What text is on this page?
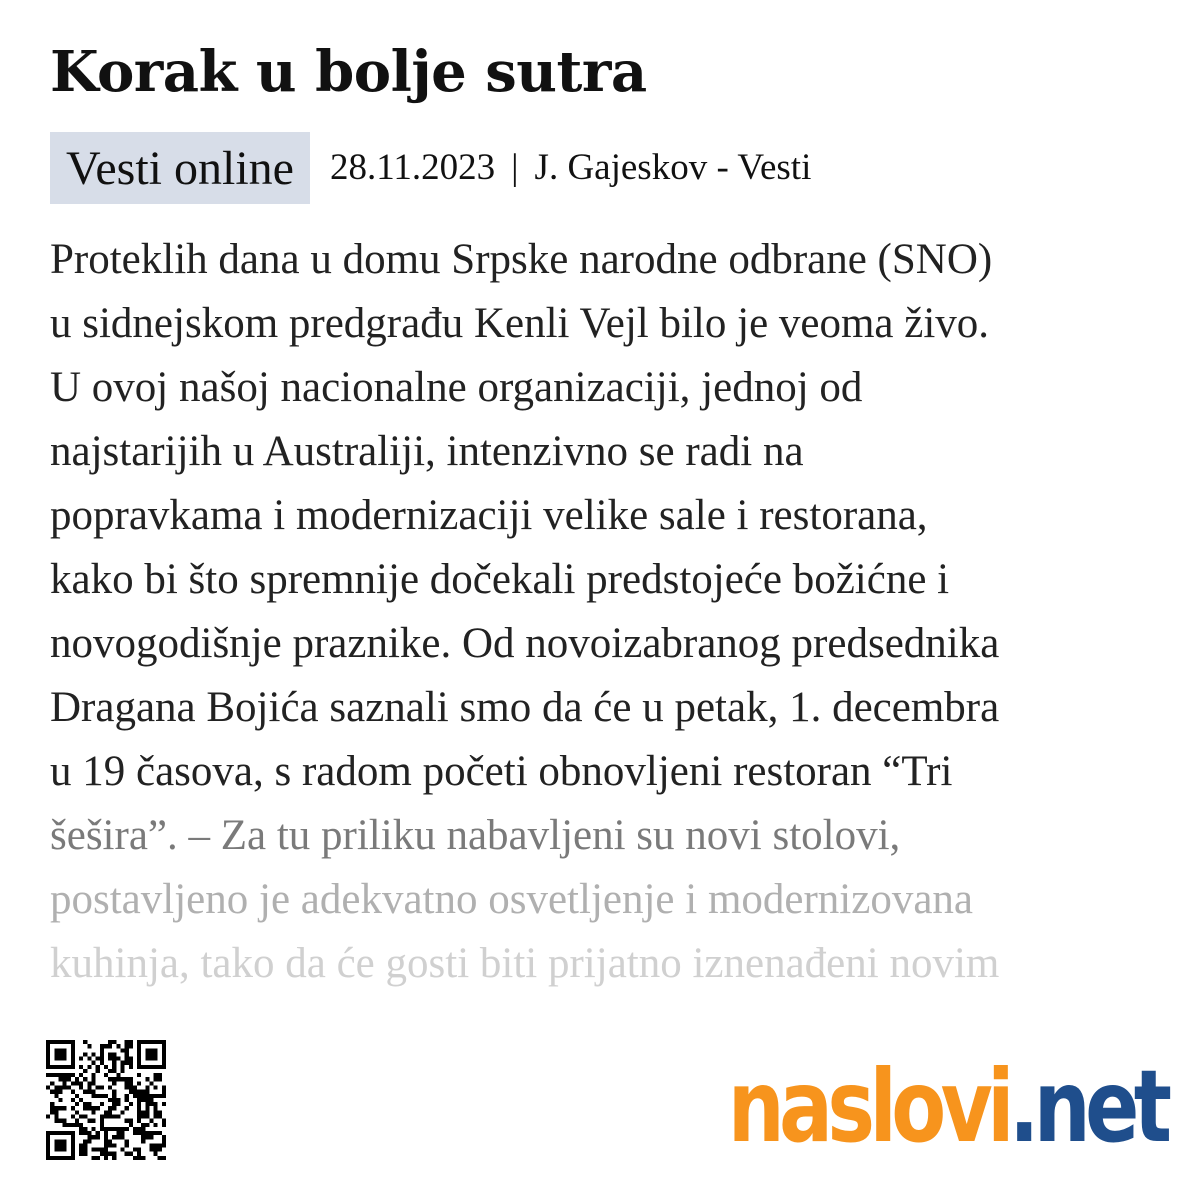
Korak u bolje sutra
Vesti online 28.11.2023 | J. Gajeskov - Vesti
Proteklih dana u domu Srpske narodne odbrane (SNO)
u sidnejskom predgrađu Kenli Vejl bilo je veoma živo.
U ovoj našoj nacionalne organizaciji, jednoj od
najstarijih u Australiji, intenzivno se radi na
popravkama i modernizaciji velike sale i restorana,
kako bi što spremnije dočekali predstojeće božićne i
novogodišnje praznike. Od novoizabranog predsednika
Dragana Bojića saznali smo da će u petak, 1. decembra
u 19 časova, s radom početi obnovljeni restoran “Tri
šešira”. – Za tu priliku nabavljeni su novi stolovi,
postavljeno je adekvatno osvetljenje i modernizovana
kuhinja, tako da će gosti biti prijatno iznenađeni novim
naslovi.net
